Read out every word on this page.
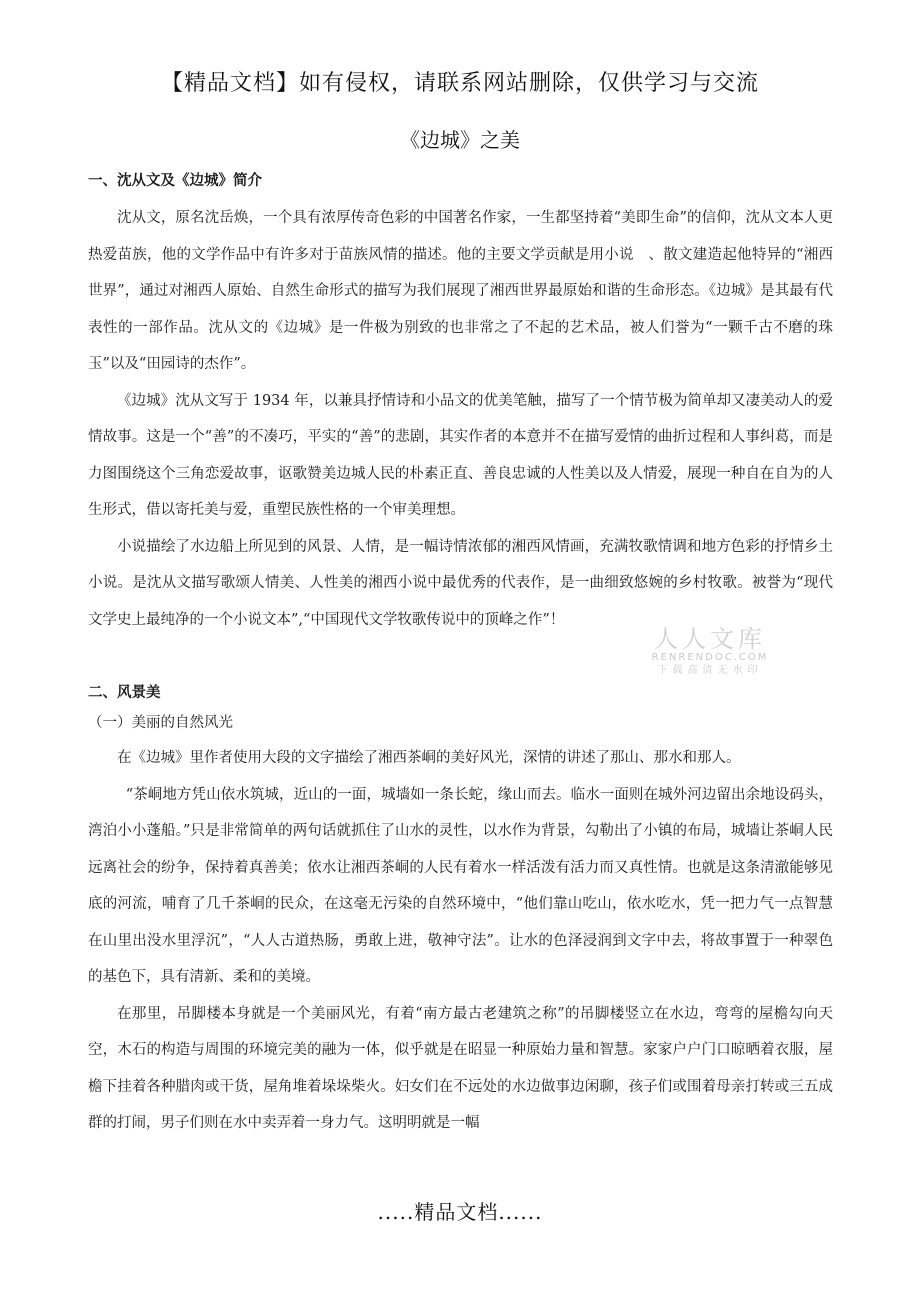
【精品文档】如有侵权，请联系网站删除，仅供学习与交流
《边城》之美
一、沈从文及《边城》简介

沈从文，原名沈岳焕，一个具有浓厚传奇色彩的中国著名作家，一生都坚持着“美即生命”的信仰，沈从文本人更热爱苗族，他的文学作品中有许多对于苗族风情的描述。他的主要文学贡献是用小说　、散文建造起他特异的“湘西世界”，通过对湘西人原始、自然生命形式的描写为我们展现了湘西世界最原始和谐的生命形态。《边城》是其最有代表性的一部作品。沈从文的《边城》是一件极为别致的也非常之了不起的艺术品，被人们誉为“一颗千古不磨的珠玉”以及“田园诗的杰作”。

《边城》沈从文写于 1934 年，以兼具抒情诗和小品文的优美笔触，描写了一个情节极为简单却又凄美动人的爱情故事。这是一个“善”的不凑巧，平实的“善”的悲剧，其实作者的本意并不在描写爱情的曲折过程和人事纠葛，而是力图围绕这个三角恋爱故事，讴歌赞美边城人民的朴素正直、善良忠诚的人性美以及人情爱，展现一种自在自为的人生形式，借以寄托美与爱，重塑民族性格的一个审美理想。

小说描绘了水边船上所见到的风景、人情，是一幅诗情浓郁的湘西风情画，充满牧歌情调和地方色彩的抒情乡土小说。是沈从文描写歌颂人情美、人性美的湘西小说中最优秀的代表作，是一曲细致悠婉的乡村牧歌。被誉为“现代文学史上最纯净的一个小说文本”,“中国现代文学牧歌传说中的顶峰之作”！

二、风景美
（一）美丽的自然风光

在《边城》里作者使用大段的文字描绘了湘西茶峒的美好风光，深情的讲述了那山、那水和那人。

“茶峒地方凭山依水筑城，近山的一面，城墙如一条长蛇，缘山而去。临水一面则在城外河边留出余地设码头，湾泊小小蓬船。”只是非常简单的两句话就抓住了山水的灵性，以水作为背景，勾勒出了小镇的布局，城墙让茶峒人民远离社会的纷争，保持着真善美；依水让湘西茶峒的人民有着水一样活泼有活力而又真性情。也就是这条清澈能够见底的河流，哺育了几千茶峒的民众，在这毫无污染的自然环境中，“他们靠山吃山，依水吃水，凭一把力气一点智慧在山里出没水里浮沉”，“人人古道热肠，勇敢上进，敬神守法”。让水的色泽浸润到文字中去，将故事置于一种翠色的基色下，具有清新、柔和的美境。

在那里，吊脚楼本身就是一个美丽风光，有着“南方最古老建筑之称”的吊脚楼竖立在水边，弯弯的屋檐勾向天空，木石的构造与周围的环境完美的融为一体，似乎就是在昭显一种原始力量和智慧。家家户户门口晾晒着衣服，屋檐下挂着各种腊肉或干货，屋角堆着垛垛柴火。妇女们在不远处的水边做事边闲聊，孩子们或围着母亲打转或三五成群的打闹，男子们则在水中卖弄着一身力气。这明明就是一幅

人人文库
RENRENDOC.COM
下载高清无水印
.....精品文档......
